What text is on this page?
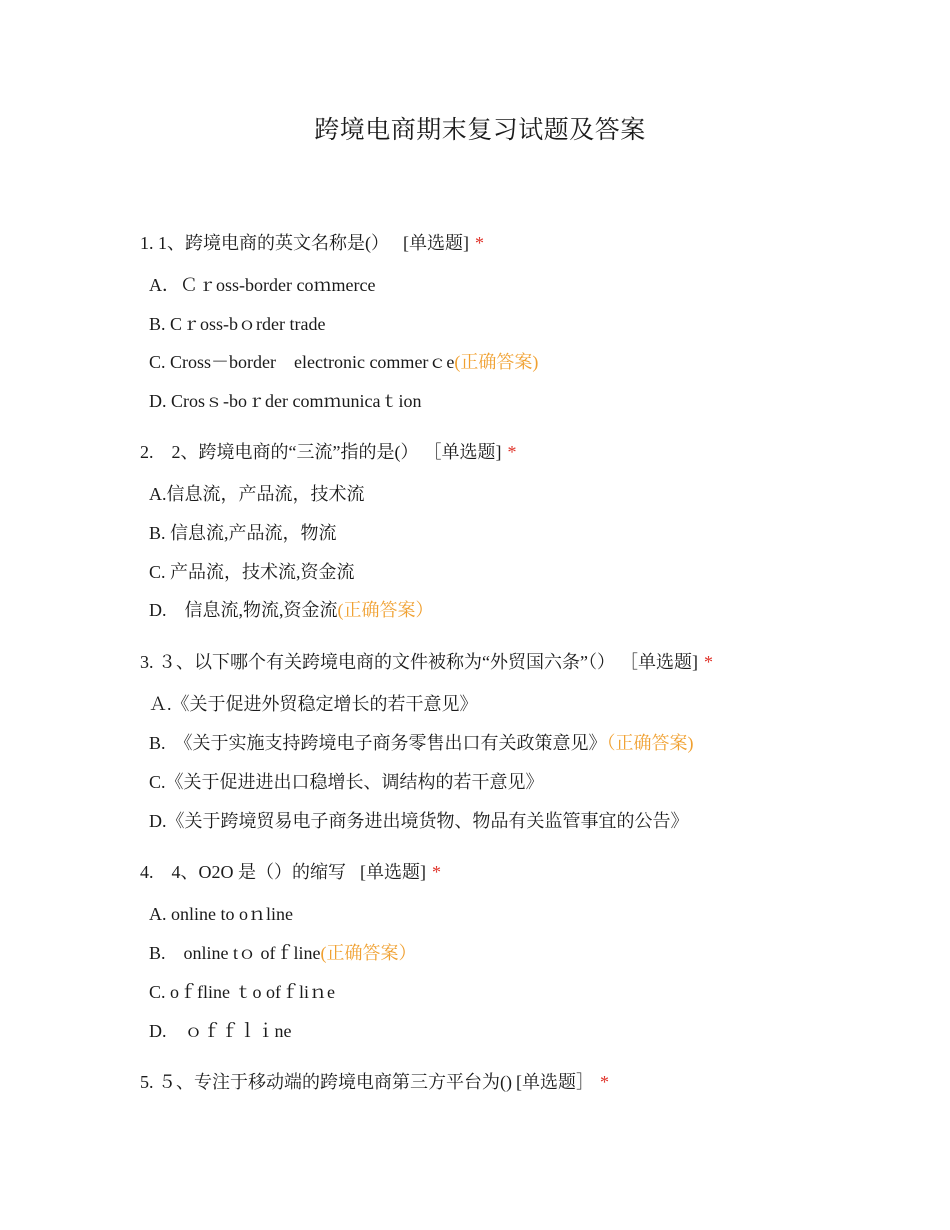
跨境电商期末复习试题及答案
1. 1、跨境电商的英文名称是(） [单选题] *
A．Ｃｒoss-border coｍmerce
B. Cｒoss-bｏrder trade
C. Cross－border　electronic commerｃe(正确答案)
D. Crosｓ-boｒder comｍunicaｔion
2.　2、跨境电商的“三流”指的是(） ［单选题] *
A.信息流，产品流，技术流
B. 信息流,产品流，物流
C. 产品流，技术流,资金流
D.　信息流,物流,资金流(正确答案）
3. ３、以下哪个有关跨境电商的文件被称为“外贸国六条”（） ［单选题] *
Ａ.《关于促进外贸稳定增长的若干意见》
B.　《关于实施支持跨境电子商务零售出口有关政策意见》（正确答案)
C.《关于促进进出口稳增长、调结构的若干意见》
D.《关于跨境贸易电子商务进出境货物、物品有关监管事宜的公告》
4.　4、O2O 是（）的缩写 [单选题] *
A. online to oｎline
B.　online tｏ ofｆline(正确答案）
C. oｆfline ｔo ofｆliｎe
D.　ｏｆｆｌｉne
5. ５、专注于移动端的跨境电商第三方平台为() [单选题］ *
